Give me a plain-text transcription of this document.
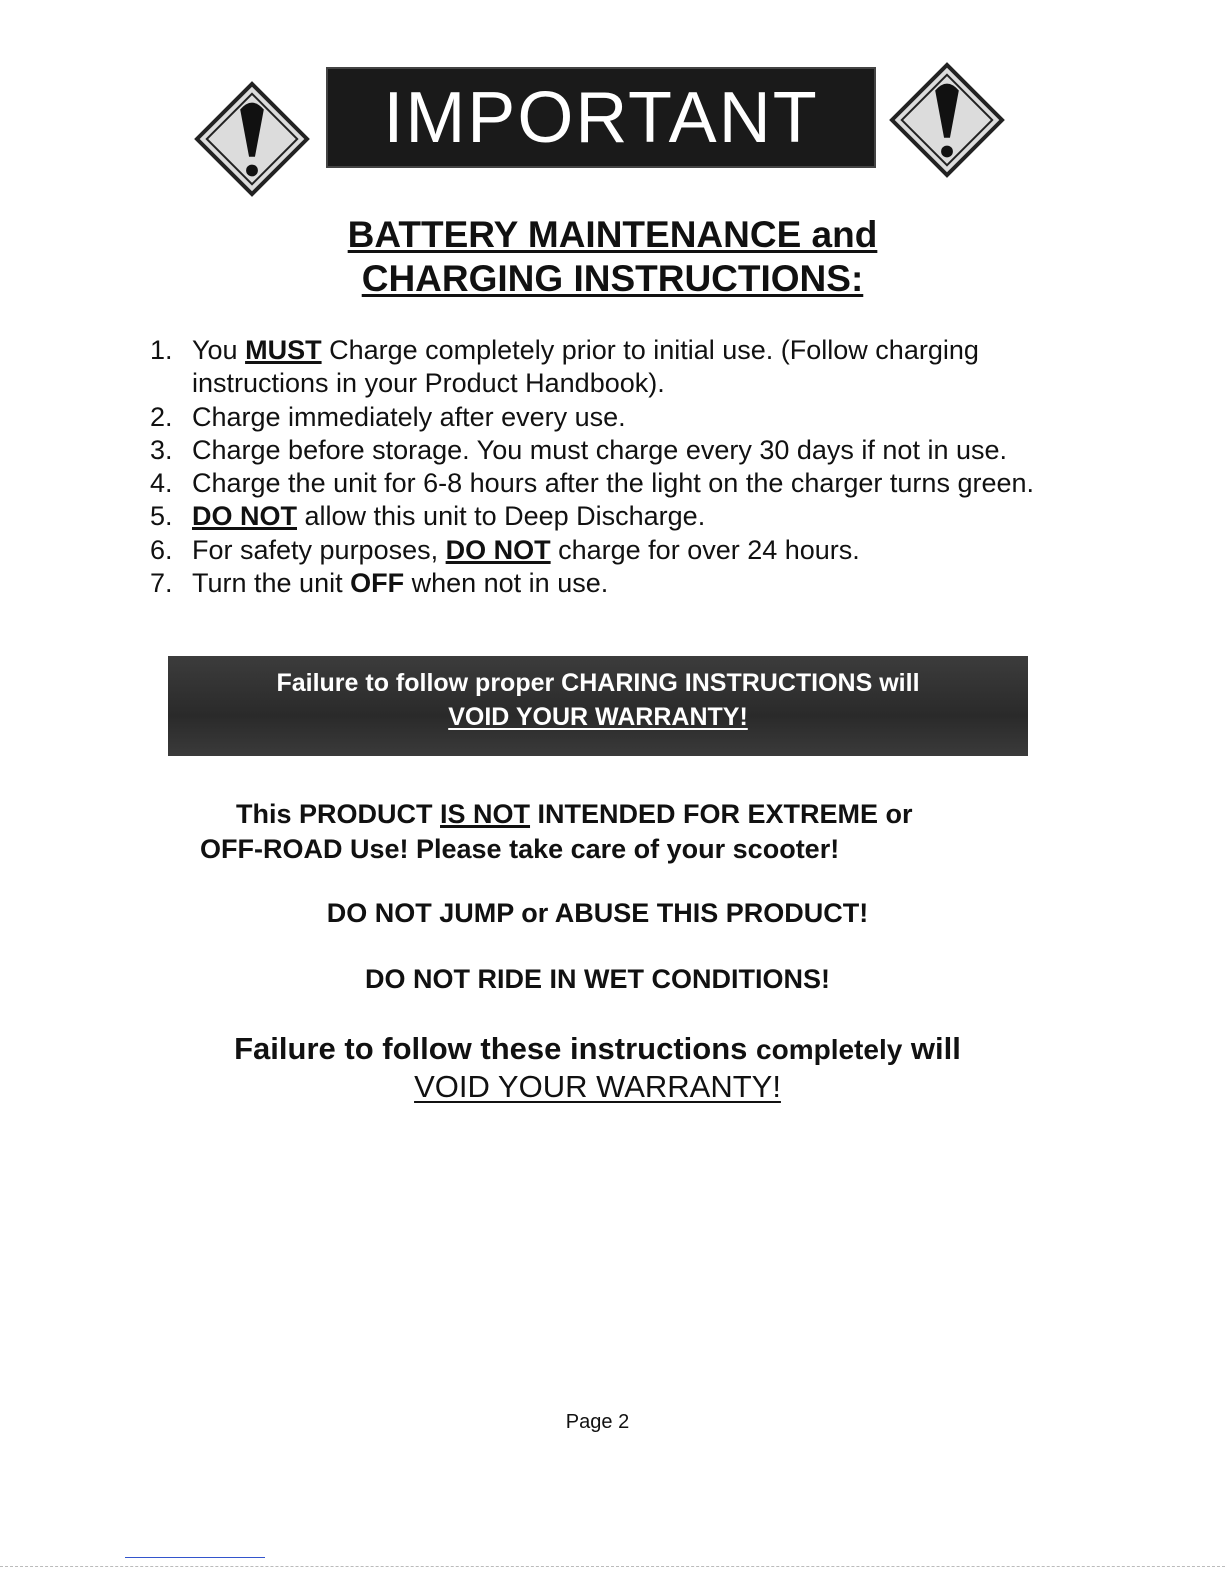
IMPORTANT
BATTERY MAINTENANCE and
CHARGING INSTRUCTIONS:
1. You MUST Charge completely prior to initial use. (Follow charging instructions in your Product Handbook).
2. Charge immediately after every use.
3. Charge before storage. You must charge every 30 days if not in use.
4. Charge the unit for 6-8 hours after the light on the charger turns green.
5. DO NOT allow this unit to Deep Discharge.
6. For safety purposes, DO NOT charge for over 24 hours.
7. Turn the unit OFF when not in use.
Failure to follow proper CHARING INSTRUCTIONS will
VOID YOUR WARRANTY!
This PRODUCT IS NOT INTENDED FOR EXTREME or
OFF-ROAD Use! Please take care of your scooter!
DO NOT JUMP or ABUSE THIS PRODUCT!
DO NOT RIDE IN WET CONDITIONS!
Failure to follow these instructions completely will
VOID YOUR WARRANTY!
Page 2
